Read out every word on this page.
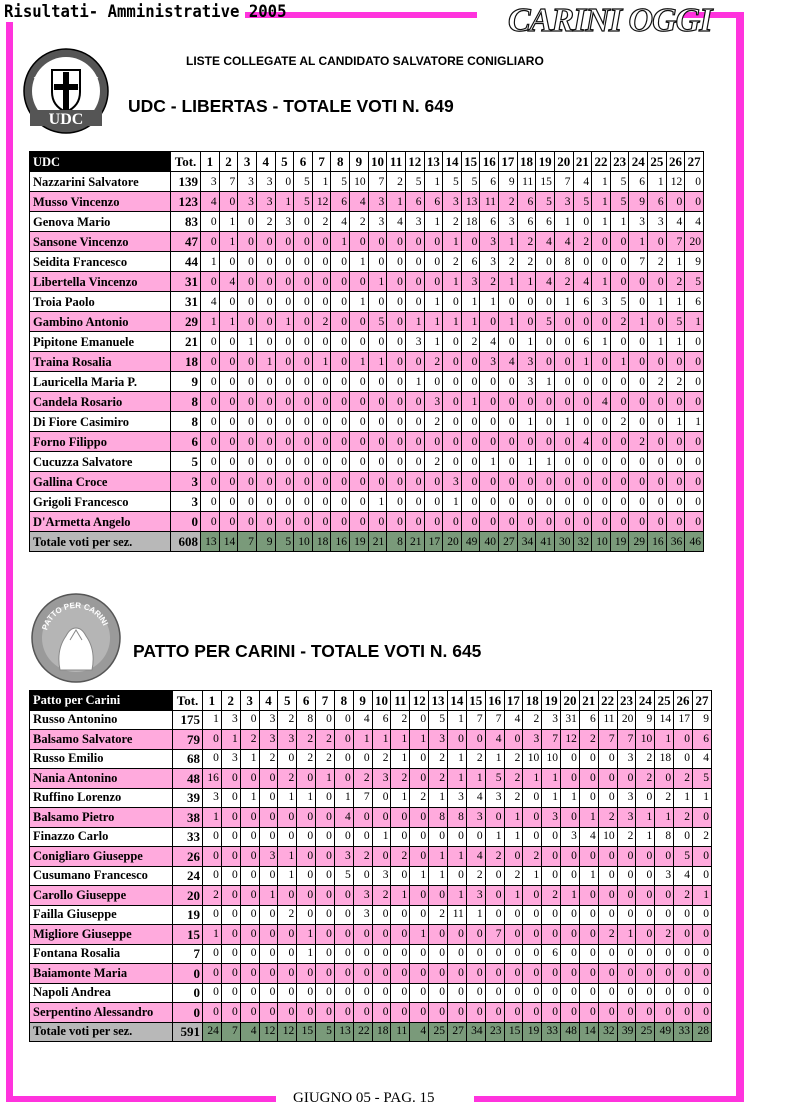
Risultati- Amministrative 2005	CARINI OGGI
LISTE COLLEGATE AL CANDIDATO SALVATORE CONIGLIARO
LIBERTAS
UDC
UDC - LIBERTAS - TOTALE VOTI N. 649
UDC	Tot.	1	2	3	4	5	6	7	8	9	10	11	12	13	14	15	16	17	18	19	20	21	22	23	24	25	26	27
Nazzarini Salvatore	139	3	7	3	3	0	5	1	5	10	7	2	5	1	5	5	6	9	11	15	7	4	1	5	6	1	12	0
Musso Vincenzo	123	4	0	3	3	1	5	12	6	4	3	1	6	6	3	13	11	2	6	5	3	5	1	5	9	6	0	0
Genova Mario	83	0	1	0	2	3	0	2	4	2	3	4	3	1	2	18	6	3	6	6	1	0	1	1	3	3	4	4
Sansone Vincenzo	47	0	1	0	0	0	0	0	1	0	0	0	0	0	1	0	3	1	2	4	4	2	0	0	1	0	7	20
Seidita Francesco	44	1	0	0	0	0	0	0	0	1	0	0	0	0	2	6	3	2	2	0	8	0	0	0	7	2	1	9
Libertella Vincenzo	31	0	4	0	0	0	0	0	0	0	1	0	0	0	1	3	2	1	1	4	2	4	1	0	0	0	2	5
Troia Paolo	31	4	0	0	0	0	0	0	0	1	0	0	0	1	0	1	1	0	0	0	1	6	3	5	0	1	1	6
Gambino Antonio	29	1	1	0	0	1	0	2	0	0	5	0	1	1	1	1	0	1	0	5	0	0	0	2	1	0	5	1
Pipitone Emanuele	21	0	0	1	0	0	0	0	0	0	0	0	3	1	0	2	4	0	1	0	0	6	1	0	0	1	1	0
Traina Rosalia	18	0	0	0	1	0	0	1	0	1	1	0	0	2	0	0	3	4	3	0	0	1	0	1	0	0	0	0
Lauricella Maria P.	9	0	0	0	0	0	0	0	0	0	0	0	1	0	0	0	0	0	3	1	0	0	0	0	0	2	2	0
Candela Rosario	8	0	0	0	0	0	0	0	0	0	0	0	0	3	0	1	0	0	0	0	0	0	4	0	0	0	0	0
Di Fiore Casimiro	8	0	0	0	0	0	0	0	0	0	0	0	0	2	0	0	0	0	1	0	1	0	0	2	0	0	1	1
Forno Filippo	6	0	0	0	0	0	0	0	0	0	0	0	0	0	0	0	0	0	0	0	0	4	0	0	2	0	0	0
Cucuzza Salvatore	5	0	0	0	0	0	0	0	0	0	0	0	0	2	0	0	1	0	1	1	0	0	0	0	0	0	0	0
Gallina Croce	3	0	0	0	0	0	0	0	0	0	0	0	0	0	3	0	0	0	0	0	0	0	0	0	0	0	0	0
Grigoli Francesco	3	0	0	0	0	0	0	0	0	0	1	0	0	0	1	0	0	0	0	0	0	0	0	0	0	0	0	0
D'Armetta Angelo	0	0	0	0	0	0	0	0	0	0	0	0	0	0	0	0	0	0	0	0	0	0	0	0	0	0	0	0
Totale voti per sez.	608	13	14	7	9	5	10	18	16	19	21	8	21	17	20	49	40	27	34	41	30	32	10	19	29	16	36	46
PATTO PER CARINI
PATTO PER CARINI - TOTALE VOTI N. 645
Patto per Carini	Tot.	1	2	3	4	5	6	7	8	9	10	11	12	13	14	15	16	17	18	19	20	21	22	23	24	25	26	27
Russo Antonino	175	1	3	0	3	2	8	0	0	4	6	2	0	5	1	7	7	4	2	3	31	6	11	20	9	14	17	9
Balsamo Salvatore	79	0	1	2	3	3	2	2	0	1	1	1	1	3	0	0	4	0	3	7	12	2	7	7	10	1	0	6
Russo Emilio	68	0	3	1	2	0	2	2	0	0	2	1	0	2	1	2	1	2	10	10	0	0	0	3	2	18	0	4
Nania Antonino	48	16	0	0	0	2	0	1	0	2	3	2	0	2	1	1	5	2	1	1	0	0	0	0	2	0	2	5
Ruffino Lorenzo	39	3	0	1	0	1	1	0	1	7	0	1	2	1	3	4	3	2	0	1	1	0	0	3	0	2	1	1
Balsamo Pietro	38	1	0	0	0	0	0	0	4	0	0	0	0	8	8	3	0	1	0	3	0	1	2	3	1	1	2	0
Finazzo Carlo	33	0	0	0	0	0	0	0	0	0	1	0	0	0	0	0	1	1	0	0	3	4	10	2	1	8	0	2
Conigliaro Giuseppe	26	0	0	0	3	1	0	0	3	2	0	2	0	1	1	4	2	0	2	0	0	0	0	0	0	0	5	0
Cusumano Francesco	24	0	0	0	0	1	0	0	5	0	3	0	1	1	0	2	0	2	1	0	0	1	0	0	0	3	4	0
Carollo Giuseppe	20	2	0	0	1	0	0	0	0	3	2	1	0	0	1	3	0	1	0	2	1	0	0	0	0	0	2	1
Failla Giuseppe	19	0	0	0	0	2	0	0	0	3	0	0	0	2	11	1	0	0	0	0	0	0	0	0	0	0	0	0
Migliore Giuseppe	15	1	0	0	0	0	1	0	0	0	0	0	1	0	0	0	7	0	0	0	0	0	2	1	0	2	0	0
Fontana Rosalia	7	0	0	0	0	0	1	0	0	0	0	0	0	0	0	0	0	0	0	6	0	0	0	0	0	0	0	0
Baiamonte Maria	0	0	0	0	0	0	0	0	0	0	0	0	0	0	0	0	0	0	0	0	0	0	0	0	0	0	0	0
Napoli Andrea	0	0	0	0	0	0	0	0	0	0	0	0	0	0	0	0	0	0	0	0	0	0	0	0	0	0	0	0
Serpentino Alessandro	0	0	0	0	0	0	0	0	0	0	0	0	0	0	0	0	0	0	0	0	0	0	0	0	0	0	0	0
Totale voti per sez.	591	24	7	4	12	12	15	5	13	22	18	11	4	25	27	34	23	15	19	33	48	14	32	39	25	49	33	28
GIUGNO 05 - PAG. 15
